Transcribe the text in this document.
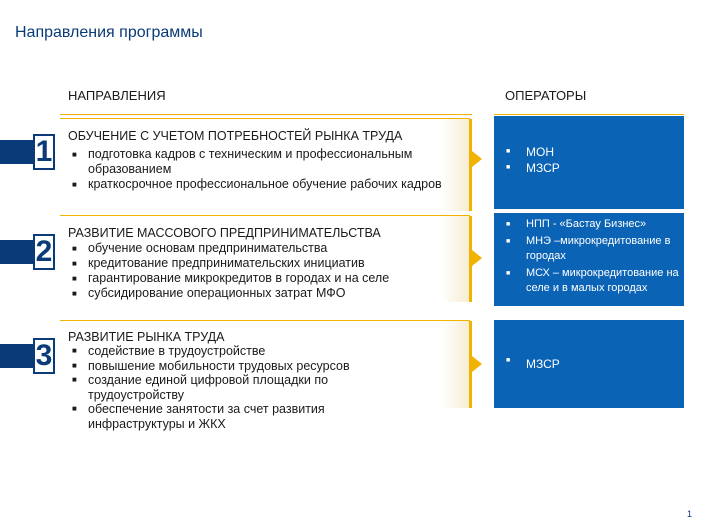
Направления программы
НАПРАВЛЕНИЯ	ОПЕРАТОРЫ
1 ОБУЧЕНИЕ С УЧЕТОМ ПОТРЕБНОСТЕЙ РЫНКА ТРУДА
■ подготовка кадров с техническим и профессиональным образованием
■ краткосрочное профессиональное обучение рабочих кадров
■ МОН
■ МЗСР
2
РАЗВИТИЕ МАССОВОГО ПРЕДПРИНИМАТЕЛЬСТВА
■ обучение основам предпринимательства
■ кредитование предпринимательских инициатив
■ гарантирование микрокредитов в городах и на селе
■ субсидирование операционных затрат МФО
■ НПП - «Бастау Бизнес»
■ МНЭ –микрокредитование в городах
■ МСХ – микрокредитование на селе и в малых городах
3
РАЗВИТИЕ РЫНКА ТРУДА
■ содействие в трудоустройстве
■ повышение мобильности трудовых ресурсов
■ создание единой цифровой площадки по трудоустройству
■ обеспечение занятости за счет развития инфраструктуры и ЖКХ
■ МЗСР
1
